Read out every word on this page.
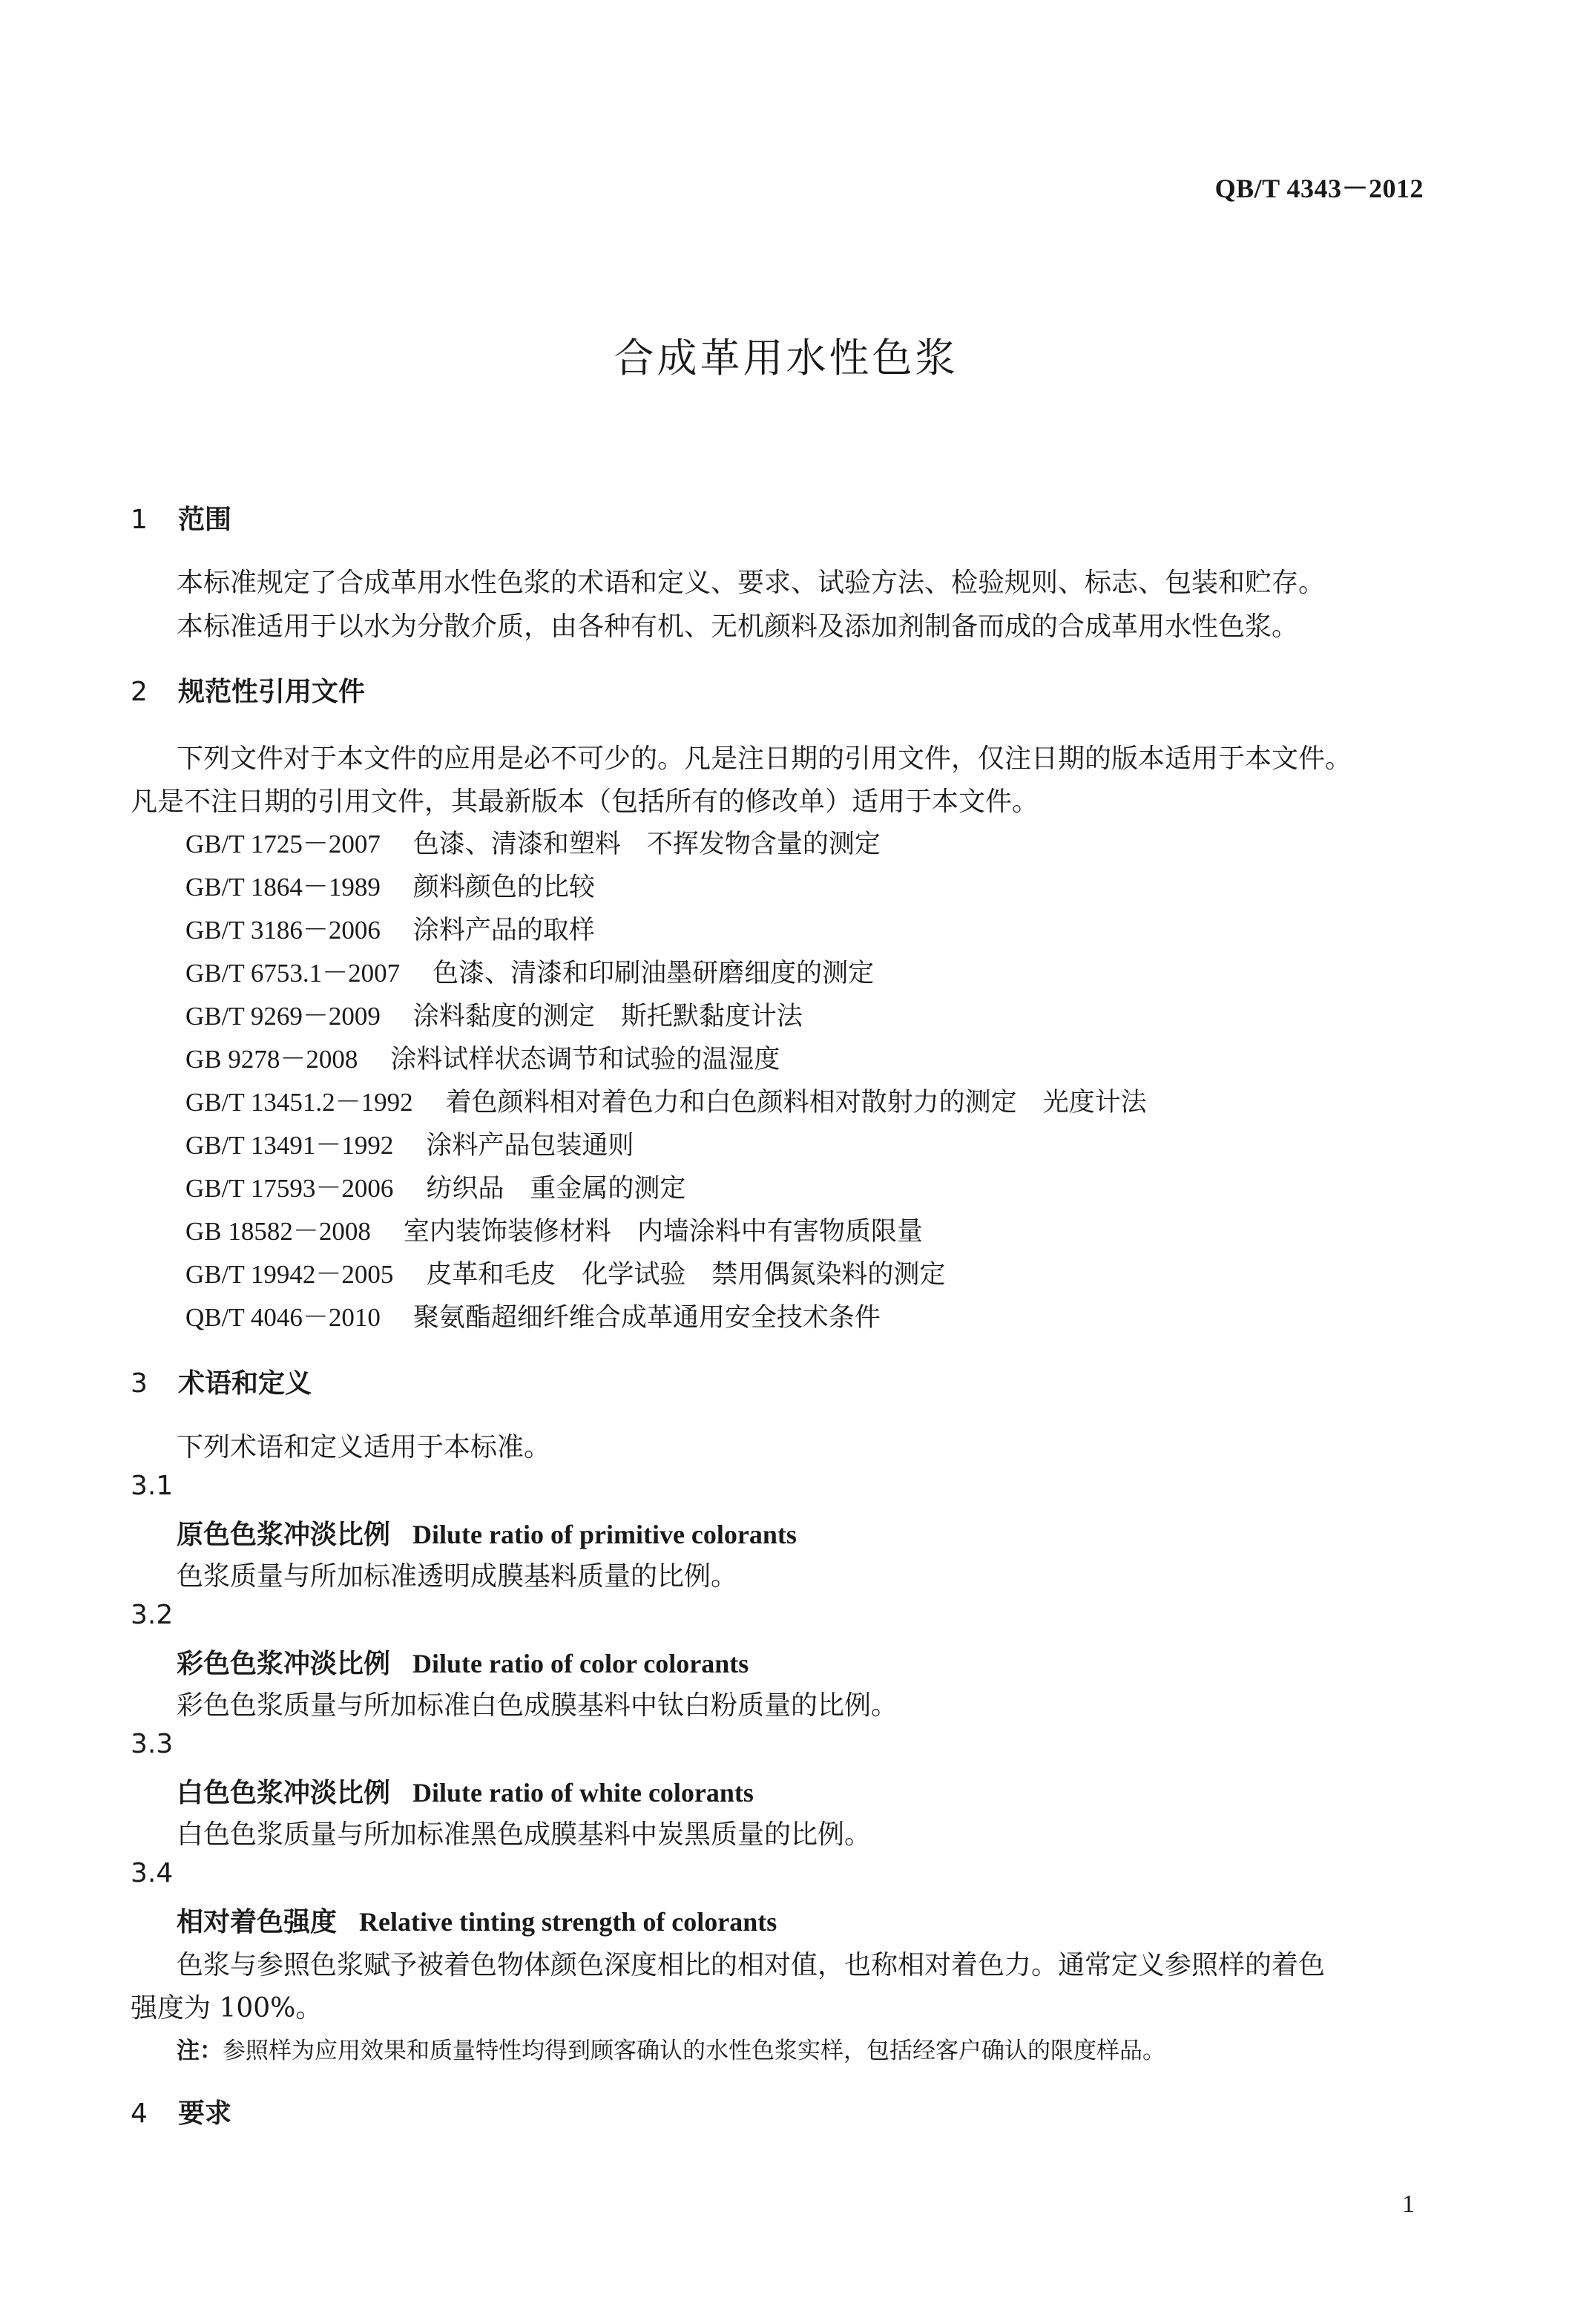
QB/T 4343－2012
合成革用水性色浆
1 范围
本标准规定了合成革用水性色浆的术语和定义、要求、试验方法、检验规则、标志、包装和贮存。
本标准适用于以水为分散介质，由各种有机、无机颜料及添加剂制备而成的合成革用水性色浆。
2 规范性引用文件
下列文件对于本文件的应用是必不可少的。凡是注日期的引用文件，仅注日期的版本适用于本文件。
凡是不注日期的引用文件，其最新版本（包括所有的修改单）适用于本文件。
GB/T 1725－2007 色漆、清漆和塑料　不挥发物含量的测定
GB/T 1864－1989 颜料颜色的比较
GB/T 3186－2006 涂料产品的取样
GB/T 6753.1－2007 色漆、清漆和印刷油墨研磨细度的测定
GB/T 9269－2009 涂料黏度的测定　斯托默黏度计法
GB 9278－2008 涂料试样状态调节和试验的温湿度
GB/T 13451.2－1992 着色颜料相对着色力和白色颜料相对散射力的测定　光度计法
GB/T 13491－1992 涂料产品包装通则
GB/T 17593－2006 纺织品　重金属的测定
GB 18582－2008 室内装饰装修材料　内墙涂料中有害物质限量
GB/T 19942－2005 皮革和毛皮　化学试验　禁用偶氮染料的测定
QB/T 4046－2010 聚氨酯超细纤维合成革通用安全技术条件
3 术语和定义
下列术语和定义适用于本标准。
3.1
原色色浆冲淡比例 Dilute ratio of primitive colorants
色浆质量与所加标准透明成膜基料质量的比例。
3.2
彩色色浆冲淡比例 Dilute ratio of color colorants
彩色色浆质量与所加标准白色成膜基料中钛白粉质量的比例。
3.3
白色色浆冲淡比例 Dilute ratio of white colorants
白色色浆质量与所加标准黑色成膜基料中炭黑质量的比例。
3.4
相对着色强度 Relative tinting strength of colorants
色浆与参照色浆赋予被着色物体颜色深度相比的相对值，也称相对着色力。通常定义参照样的着色
强度为 100%。
注：参照样为应用效果和质量特性均得到顾客确认的水性色浆实样，包括经客户确认的限度样品。
4 要求
1
